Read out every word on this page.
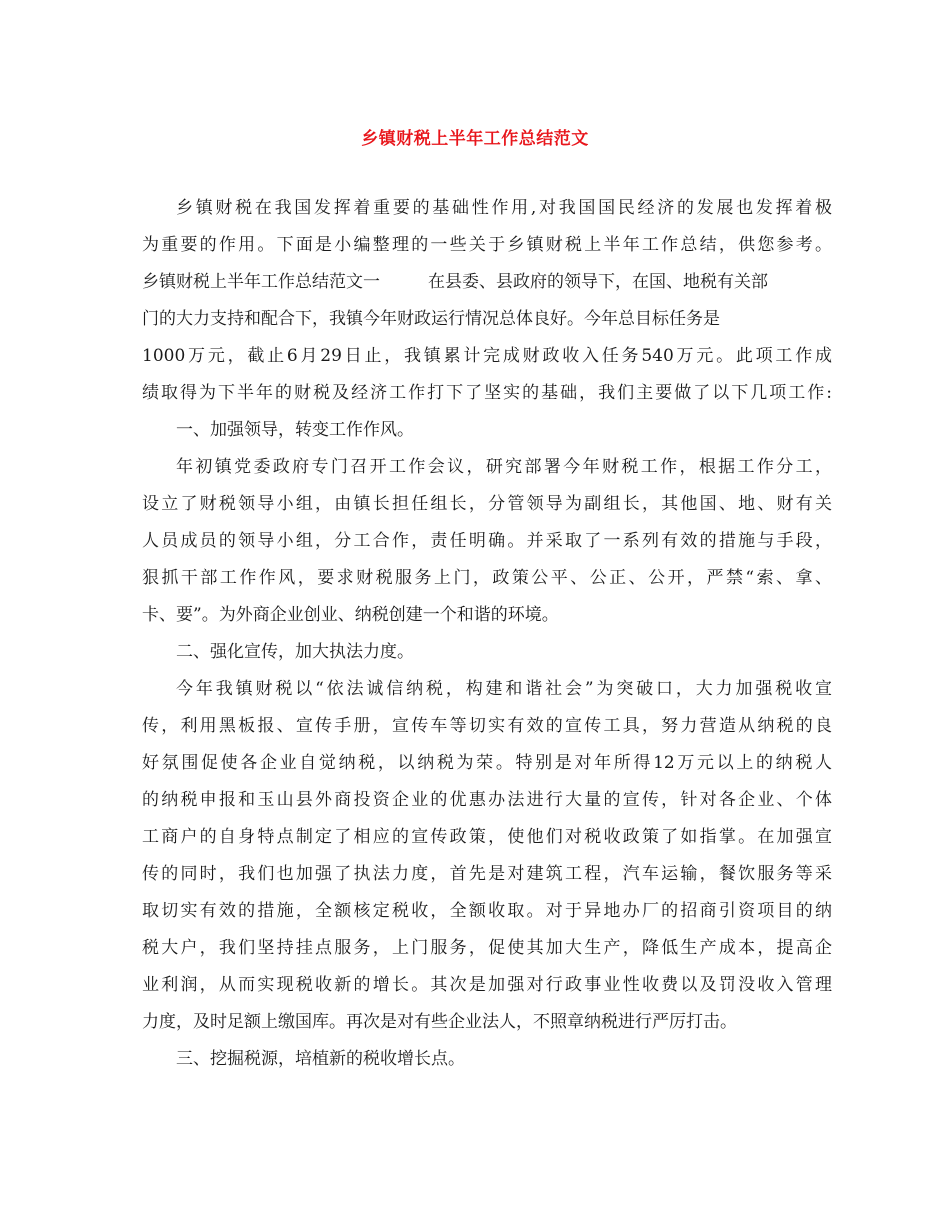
乡镇财税上半年工作总结范文
乡镇财税在我国发挥着重要的基础性作用,对我国国民经济的发展也发挥着极
为重要的作用。下面是小编整理的一些关于乡镇财税上半年工作总结，供您参考。
乡镇财税上半年工作总结范文一	在县委、县政府的领导下，在国、地税有关部
门的大力支持和配合下，我镇今年财政运行情况总体良好。今年总目标任务是
1000万元，截止6月29日止，我镇累计完成财政收入任务540万元。此项工作成
绩取得为下半年的财税及经济工作打下了坚实的基础，我们主要做了以下几项工作:
一、加强领导，转变工作作风。
年初镇党委政府专门召开工作会议，研究部署今年财税工作，根据工作分工，
设立了财税领导小组，由镇长担任组长，分管领导为副组长，其他国、地、财有关
人员成员的领导小组，分工合作，责任明确。并采取了一系列有效的措施与手段，
狠抓干部工作作风，要求财税服务上门，政策公平、公正、公开，严禁“索、拿、
卡、要”。为外商企业创业、纳税创建一个和谐的环境。
二、强化宣传，加大执法力度。
今年我镇财税以“依法诚信纳税，构建和谐社会”为突破口，大力加强税收宣
传，利用黑板报、宣传手册，宣传车等切实有效的宣传工具，努力营造从纳税的良
好氛围促使各企业自觉纳税，以纳税为荣。特别是对年所得12万元以上的纳税人
的纳税申报和玉山县外商投资企业的优惠办法进行大量的宣传，针对各企业、个体
工商户的自身特点制定了相应的宣传政策，使他们对税收政策了如指掌。在加强宣
传的同时，我们也加强了执法力度，首先是对建筑工程，汽车运输，餐饮服务等采
取切实有效的措施，全额核定税收，全额收取。对于异地办厂的招商引资项目的纳
税大户，我们坚持挂点服务，上门服务，促使其加大生产，降低生产成本，提高企
业利润，从而实现税收新的增长。其次是加强对行政事业性收费以及罚没收入管理
力度，及时足额上缴国库。再次是对有些企业法人，不照章纳税进行严厉打击。
三、挖掘税源，培植新的税收增长点。
